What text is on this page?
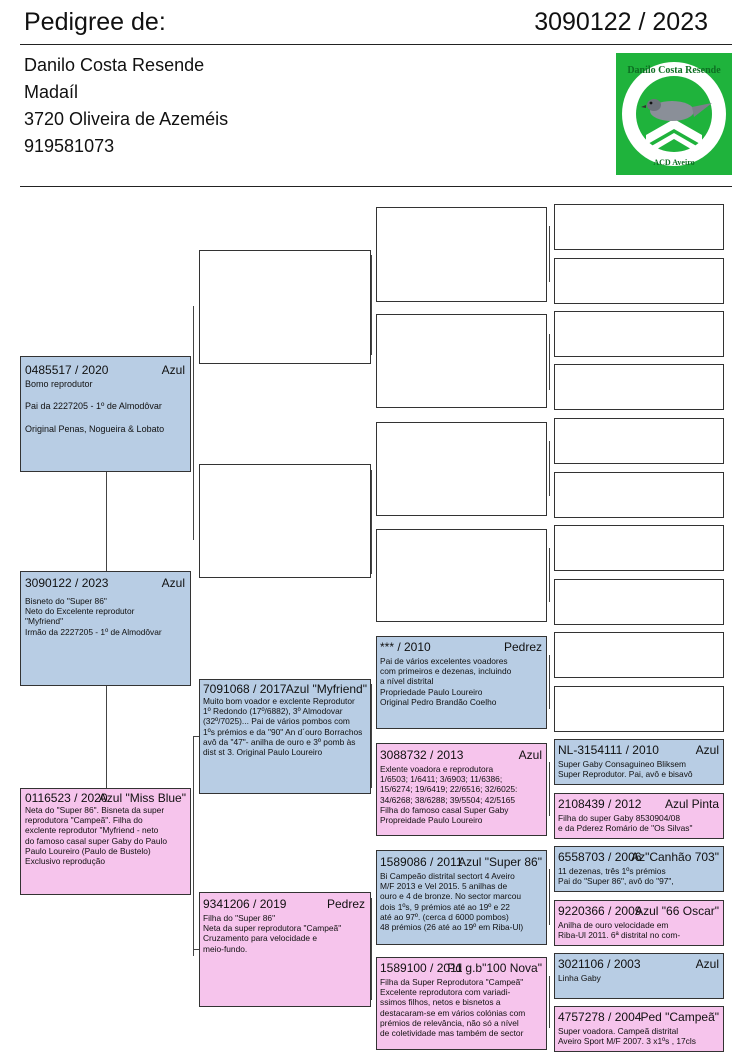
Pedigree de:	3090122 / 2023
Danilo Costa Resende
Madaíl
3720 Oliveira de Azeméis
919581073
Danilo Costa Resende
ACD Aveiro
0485517 / 2020	Azul
Bomo reprodutor

Pai da 2227205 - 1º de Almodôvar

Original Penas, Nogueira & Lobato
3090122 / 2023	Azul
Bisneto do "Super 86"
Neto do Excelente reprodutor
"Myfriend"
Irmão da 2227205 - 1º de Almodôvar
0116523 / 2020
Azul "Miss Blue"
Neta do "Super 86". Bisneta da super
reprodutora "Campeã". Filha do
exclente reprodutor "Myfriend - neto
do famoso casal super Gaby do Paulo
Paulo Loureiro (Paulo de Bustelo)
Exclusivo reprodução
7091068 / 2017 Azul "Myfriend"
Muito bom voador e exclente Reprodutor
1º Redondo (17º/6882), 3º Almodovar
(32º/7025)... Pai de vários pombos com
1ºs prémios e da "90" An d´ouro Borrachos
avô da "47"- anilha de ouro e 3º pomb às
dist st 3. Original Paulo Loureiro
9341206 / 2019	Pedrez
Filha do "Super 86"
Neta da super reprodutora "Campeã"
Cruzamento para velocidade e
meio-fundo.
*** / 2010	Pedrez
Pai de vários excelentes voadores
com primeiros e dezenas, incluindo
a nível distrital
Propriedade Paulo Loureiro
Original Pedro Brandão Coelho
3088732 / 2013	Azul
Exlente voadora e reprodutora
1/6503; 1/6411; 3/6903; 11/6386;
15/6274; 19/6419; 22/6516; 32/6025:
34/6268; 38/6288; 39/5504; 42/5165
Filha do famoso casal Super Gaby
Propreidade Paulo Loureiro
1589086 / 2011
Azul "Super 86"
Bi Campeão distrital sectort 4 Aveiro
M/F 2013 e Vel 2015. 5 anilhas de
ouro e 4 de bronze. No sector marcou
dois 1ºs, 9 prémios até ao 19º e 22
até ao 97º. (cerca d 6000 pombos)
48 prémios (26 até ao 19º em Riba-Ul)
1589100 / 2011
Pd g.b"100 Nova"
Filha da Super Reprodutora "Campeã"
Excelente reprodutora com variadi-
ssimos filhos, netos e bisnetos a
destacaram-se em vários colónias com
prémios de relevância, não só a nível
de coletividade mas também de sector
NL-3154111 / 2010	Azul
Super Gaby Consaguineo Bliksem
Super Reprodutor. Pai, avô e bisavô
2108439 / 2012 Azul Pinta
Filha do super Gaby 8530904/08
e da Pderez Romário de "Os Silvas"
6558703 / 2006
Az"Canhão 703"
11 dezenas, três 1ºs prémios
Pai do "Super 86", avô do "97",
9220366 / 2009
Azul "66 Oscar"
Anilha de ouro velocidade em
Riba-Ul 2011. 6ª distrital no com-
3021106 / 2003	Azul
Linha Gaby
4757278 / 2004 Ped "Campeã"
Super voadora. Campeã distrital
Aveiro Sport M/F 2007. 3 x1ºs , 17cls
